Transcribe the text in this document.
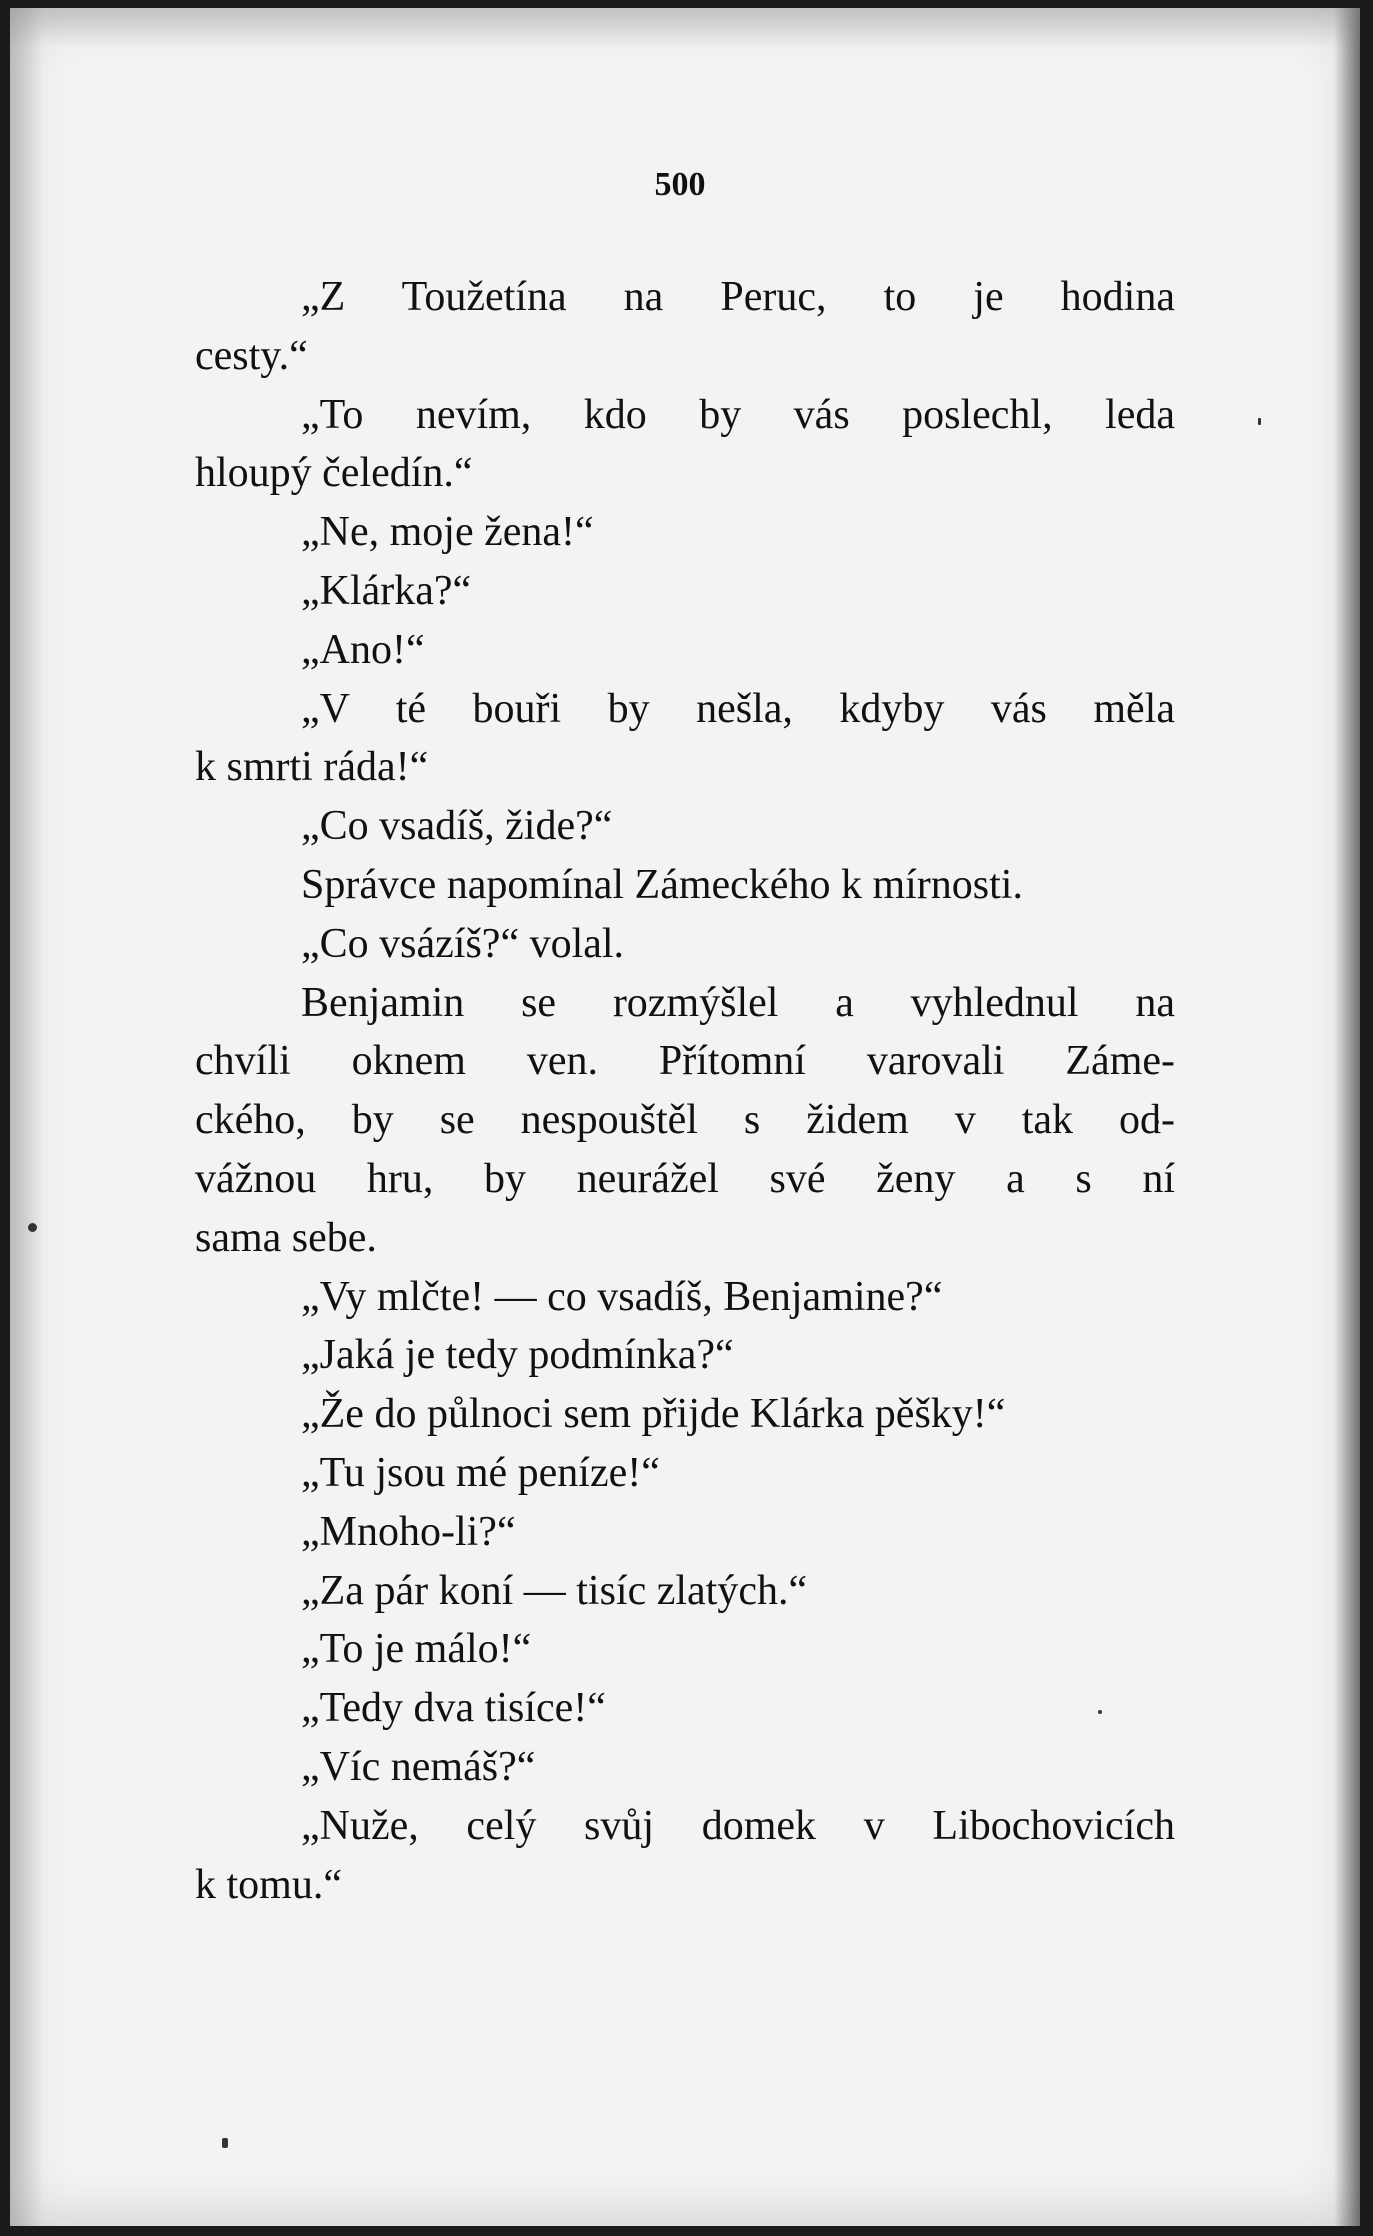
500
„Z Toužetína na Peruc, to je hodina
cesty.“
„To nevím, kdo by vás poslechl, leda
hloupý čeledín.“
„Ne, moje žena!“
„Klárka?“
„Ano!“
„V té bouři by nešla, kdyby vás měla
k smrti ráda!“
„Co vsadíš, žide?“
Správce napomínal Zámeckého k mírnosti.
„Co vsázíš?“ volal.
Benjamin se rozmýšlel a vyhlednul na
chvíli oknem ven. Přítomní varovali Záme-
ckého, by se nespouštěl s židem v tak od-
vážnou hru, by neurážel své ženy a s ní
sama sebe.
„Vy mlčte! — co vsadíš, Benjamine?“
„Jaká je tedy podmínka?“
„Že do půlnoci sem přijde Klárka pěšky!“
„Tu jsou mé peníze!“
„Mnoho-li?“
„Za pár koní — tisíc zlatých.“
„To je málo!“
„Tedy dva tisíce!“
„Víc nemáš?“
„Nuže, celý svůj domek v Libochovicích
k tomu.“
